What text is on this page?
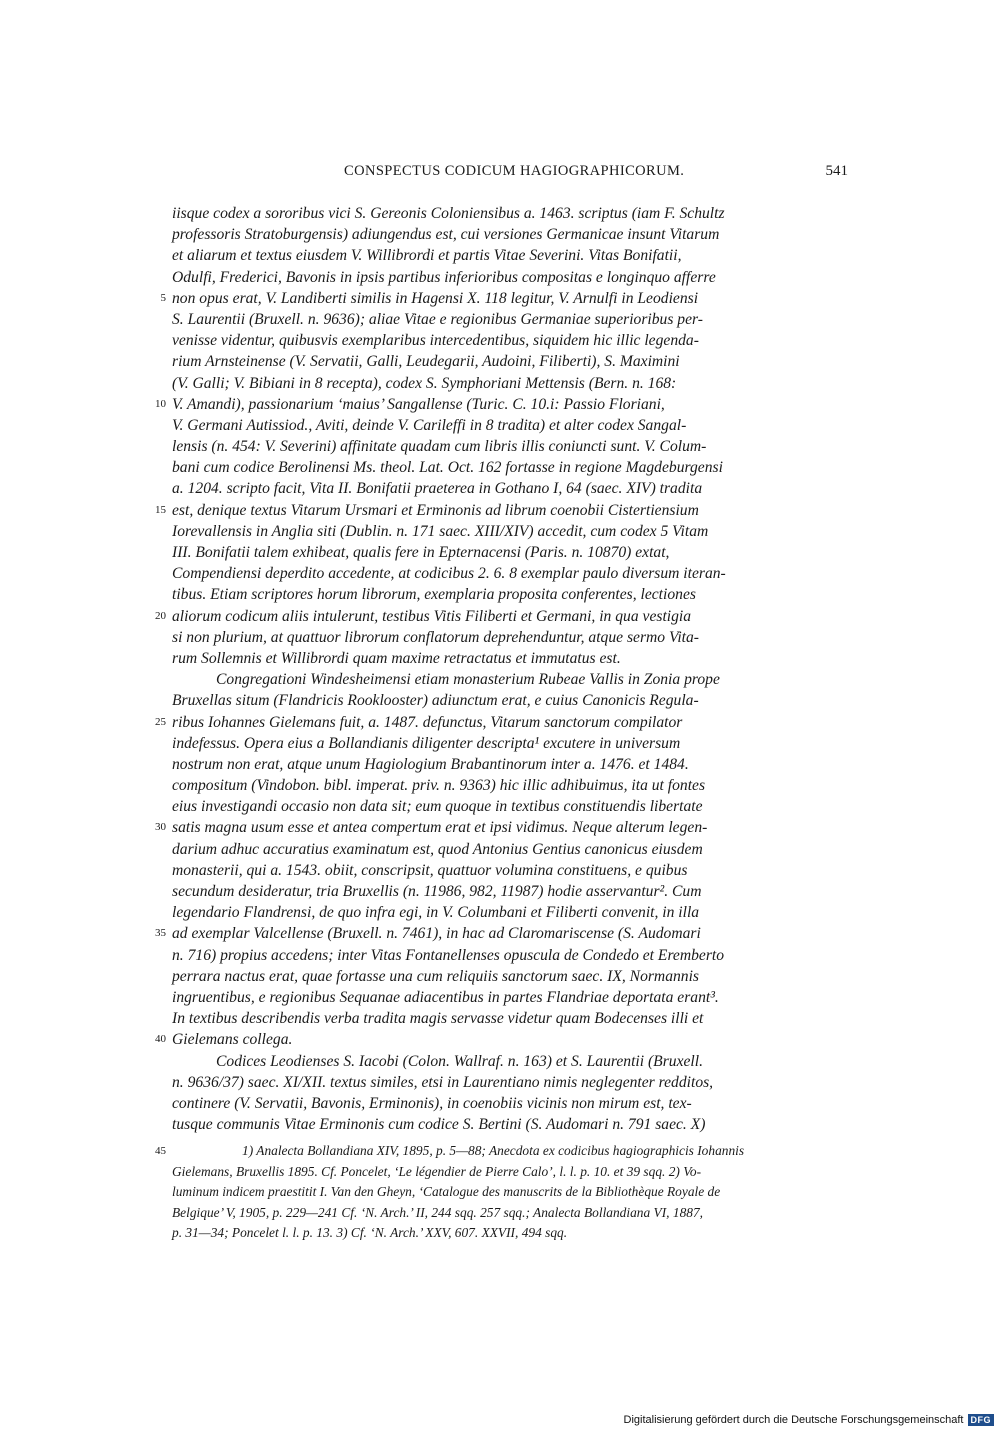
CONSPECTUS CODICUM HAGIOGRAPHICORUM.	541
iisque codex a sororibus vici S. Gereonis Coloniensibus a. 1463. scriptus (iam F. Schultz
professoris Stratoburgensis) adiungendus est, cui versiones Germanicae insunt Vitarum
et aliarum et textus eiusdem V. Willibrordi et partis Vitae Severini. Vitas Bonifatii,
Odulfi, Frederici, Bavonis in ipsis partibus inferioribus compositas e longinquo afferre
5 non opus erat, V. Landiberti similis in Hagensi X. 118 legitur, V. Arnulfi in Leodiensi
S. Laurentii (Bruxell. n. 9636); aliae Vitae e regionibus Germaniae superioribus per-
venisse videntur, quibusvis exemplaribus intercedentibus, siquidem hic illic legenda-
rium Arnsteinense (V. Servatii, Galli, Leudegarii, Audoini, Filiberti), S. Maximini
(V. Galli; V. Bibiani in 8 recepta), codex S. Symphoriani Mettensis (Bern. n. 168:
10 V. Amandi), passionarium ‘maius’ Sangallense (Turic. C. 10.i: Passio Floriani,
V. Germani Autissiod., Aviti, deinde V. Carileffi in 8 tradita) et alter codex Sangal-
lensis (n. 454: V. Severini) affinitate quadam cum libris illis coniuncti sunt. V. Colum-
bani cum codice Berolinensi Ms. theol. Lat. Oct. 162 fortasse in regione Magdeburgensi
a. 1204. scripto facit, Vita II. Bonifatii praeterea in Gothano I, 64 (saec. XIV) tradita
15 est, denique textus Vitarum Ursmari et Erminonis ad librum coenobii Cistertiensium
Iorevallensis in Anglia siti (Dublin. n. 171 saec. XIII/XIV) accedit, cum codex 5 Vitam
III. Bonifatii talem exhibeat, qualis fere in Epternacensi (Paris. n. 10870) extat,
Compendiensi deperdito accedente, at codicibus 2. 6. 8 exemplar paulo diversum iteran-
tibus. Etiam scriptores horum librorum, exemplaria proposita conferentes, lectiones
20 aliorum codicum aliis intulerunt, testibus Vitis Filiberti et Germani, in qua vestigia
si non plurium, at quattuor librorum conflatorum deprehenduntur, atque sermo Vita-
rum Sollemnis et Willibrordi quam maxime retractatus et immutatus est.
Congregationi Windesheimensi etiam monasterium Rubeae Vallis in Zonia prope
Bruxellas situm (Flandricis Rooklooster) adiunctum erat, e cuius Canonicis Regula-
25 ribus Iohannes Gielemans fuit, a. 1487. defunctus, Vitarum sanctorum compilator
indefessus. Opera eius a Bollandianis diligenter descripta¹ excutere in universum
nostrum non erat, atque unum Hagiologium Brabantinorum inter a. 1476. et 1484.
compositum (Vindobon. bibl. imperat. priv. n. 9363) hic illic adhibuimus, ita ut fontes
eius investigandi occasio non data sit; eum quoque in textibus constituendis libertate
30 satis magna usum esse et antea compertum erat et ipsi vidimus. Neque alterum legen-
darium adhuc accuratius examinatum est, quod Antonius Gentius canonicus eiusdem
monasterii, qui a. 1543. obiit, conscripsit, quattuor volumina constituens, e quibus
secundum desideratur, tria Bruxellis (n. 11986, 982, 11987) hodie asservantur². Cum
legendario Flandrensi, de quo infra egi, in V. Columbani et Filiberti convenit, in illa
35 ad exemplar Valcellense (Bruxell. n. 7461), in hac ad Claromariscense (S. Audomari
n. 716) propius accedens; inter Vitas Fontanellenses opuscula de Condedo et Eremberto
perrara nactus erat, quae fortasse una cum reliquiis sanctorum saec. IX, Normannis
ingruentibus, e regionibus Sequanae adiacentibus in partes Flandriae deportata erant³.
In textibus describendis verba tradita magis servasse videtur quam Bodecenses illi et
40 Gielemans collega.
Codices Leodienses S. Iacobi (Colon. Wallraf. n. 163) et S. Laurentii (Bruxell.
n. 9636/37) saec. XI/XII. textus similes, etsi in Laurentiano nimis neglegenter redditos,
continere (V. Servatii, Bavonis, Erminonis), in coenobiis vicinis non mirum est, tex-
tusque communis Vitae Erminonis cum codice S. Bertini (S. Audomari n. 791 saec. X)
45	1) Analecta Bollandiana XIV, 1895, p. 5—88; Anecdota ex codicibus hagiographicis Iohannis
Gielemans, Bruxellis 1895. Cf. Poncelet, ‘Le légendier de Pierre Calo’, l. l. p. 10. et 39 sqq. 2) Vo-
luminum indicem praestitit I. Van den Gheyn, ‘Catalogue des manuscrits de la Bibliothèque Royale de
Belgique’ V, 1905, p. 229—241 Cf. ‘N. Arch.’ II, 244 sqq. 257 sqq.; Analecta Bollandiana VI, 1887,
p. 31—34; Poncelet l. l. p. 13. 3) Cf. ‘N. Arch.’ XXV, 607. XXVII, 494 sqq.
Digitalisierung gefördert durch die Deutsche Forschungsgemeinschaft DFG
